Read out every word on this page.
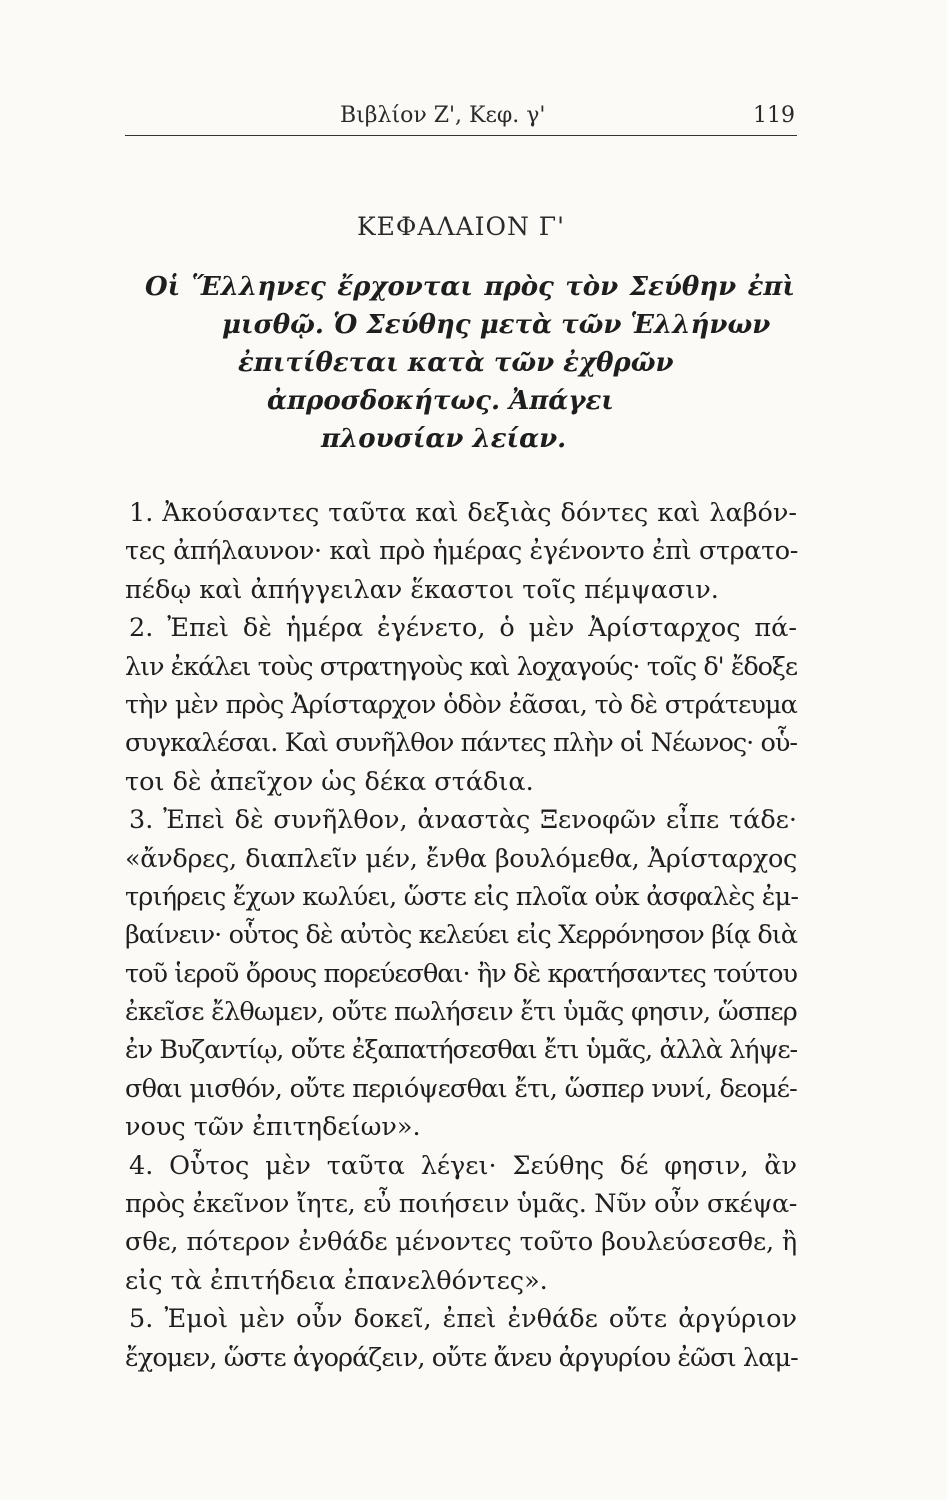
Βιβλίον Ζ', Κεφ. γ'	119
ΚΕΦΑΛΑΙΟΝ Γ'
Οἱ Ἕλληνες ἔρχονται πρὸς τὸν Σεύθην ἐπὶ
μισθῷ. Ὁ Σεύθης μετὰ τῶν Ἑλλήνων
ἐπιτίθεται κατὰ τῶν ἐχθρῶν
ἀπροσδοκήτως. Ἀπάγει
πλουσίαν λείαν.
1. Ἀκούσαντες ταῦτα καὶ δεξιὰς δόντες καὶ λαβόν-
τες ἀπήλαυνον· καὶ πρὸ ἡμέρας ἐγένοντο ἐπὶ στρατο-
πέδῳ καὶ ἀπήγγειλαν ἕκαστοι τοῖς πέμψασιν.
2. Ἐπεὶ δὲ ἡμέρα ἐγένετο, ὁ μὲν Ἀρίσταρχος πά-
λιν ἐκάλει τοὺς στρατηγοὺς καὶ λοχαγούς· τοῖς δ' ἔδοξε
τὴν μὲν πρὸς Ἀρίσταρχον ὁδὸν ἐᾶσαι, τὸ δὲ στράτευμα
συγκαλέσαι. Καὶ συνῆλθον πάντες πλὴν οἱ Νέωνος· οὗ-
τοι δὲ ἀπεῖχον ὡς δέκα στάδια.
3. Ἐπεὶ δὲ συνῆλθον, ἀναστὰς Ξενοφῶν εἶπε τάδε·
«ἄνδρες, διαπλεῖν μέν, ἔνθα βουλόμεθα, Ἀρίσταρχος
τριήρεις ἔχων κωλύει, ὥστε εἰς πλοῖα οὐκ ἀσφαλὲς ἐμ-
βαίνειν· οὗτος δὲ αὐτὸς κελεύει εἰς Χερρόνησον βίᾳ διὰ
τοῦ ἱεροῦ ὄρους πορεύεσθαι· ἢν δὲ κρατήσαντες τούτου
ἐκεῖσε ἔλθωμεν, οὔτε πωλήσειν ἔτι ὑμᾶς φησιν, ὥσπερ
ἐν Βυζαντίῳ, οὔτε ἐξαπατήσεσθαι ἔτι ὑμᾶς, ἀλλὰ λήψε-
σθαι μισθόν, οὔτε περιόψεσθαι ἔτι, ὥσπερ νυνί, δεομέ-
νους τῶν ἐπιτηδείων».
4. Οὗτος μὲν ταῦτα λέγει· Σεύθης δέ φησιν, ἂν
πρὸς ἐκεῖνον ἴητε, εὖ ποιήσειν ὑμᾶς. Νῦν οὖν σκέψα-
σθε, πότερον ἐνθάδε μένοντες τοῦτο βουλεύσεσθε, ἢ
εἰς τὰ ἐπιτήδεια ἐπανελθόντες».
5. Ἐμοὶ μὲν οὖν δοκεῖ, ἐπεὶ ἐνθάδε οὔτε ἀργύριον
ἔχομεν, ὥστε ἀγοράζειν, οὔτε ἄνευ ἀργυρίου ἐῶσι λαμ-
